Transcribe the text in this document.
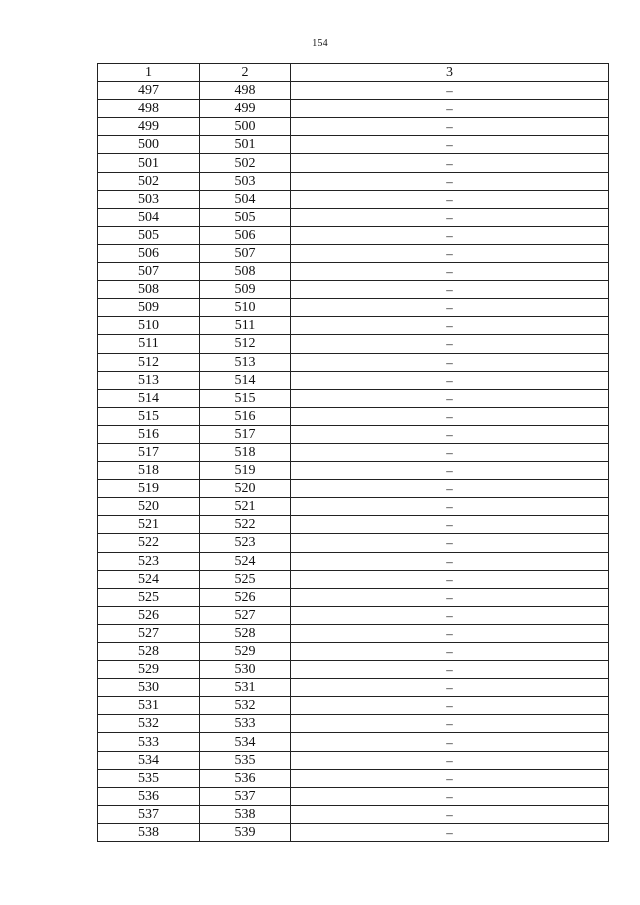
154
1	2	3
497	498	–
498	499	–
499	500	–
500	501	–
501	502	–
502	503	–
503	504	–
504	505	–
505	506	–
506	507	–
507	508	–
508	509	–
509	510	–
510	511	–
511	512	–
512	513	–
513	514	–
514	515	–
515	516	–
516	517	–
517	518	–
518	519	–
519	520	–
520	521	–
521	522	–
522	523	–
523	524	–
524	525	–
525	526	–
526	527	–
527	528	–
528	529	–
529	530	–
530	531	–
531	532	–
532	533	–
533	534	–
534	535	–
535	536	–
536	537	–
537	538	–
538	539	–
